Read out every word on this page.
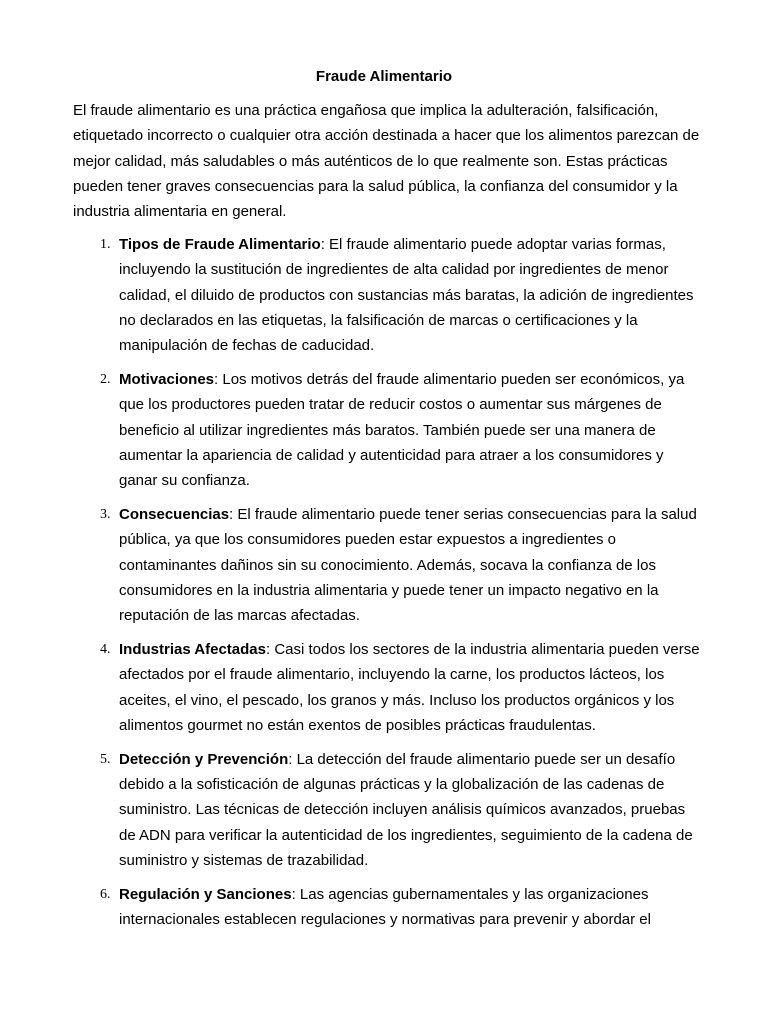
Fraude Alimentario

El fraude alimentario es una práctica engañosa que implica la adulteración, falsificación, etiquetado incorrecto o cualquier otra acción destinada a hacer que los alimentos parezcan de mejor calidad, más saludables o más auténticos de lo que realmente son. Estas prácticas pueden tener graves consecuencias para la salud pública, la confianza del consumidor y la industria alimentaria en general.

1. Tipos de Fraude Alimentario: El fraude alimentario puede adoptar varias formas, incluyendo la sustitución de ingredientes de alta calidad por ingredientes de menor calidad, el diluido de productos con sustancias más baratas, la adición de ingredientes no declarados en las etiquetas, la falsificación de marcas o certificaciones y la manipulación de fechas de caducidad.
2. Motivaciones: Los motivos detrás del fraude alimentario pueden ser económicos, ya que los productores pueden tratar de reducir costos o aumentar sus márgenes de beneficio al utilizar ingredientes más baratos. También puede ser una manera de aumentar la apariencia de calidad y autenticidad para atraer a los consumidores y ganar su confianza.
3. Consecuencias: El fraude alimentario puede tener serias consecuencias para la salud pública, ya que los consumidores pueden estar expuestos a ingredientes o contaminantes dañinos sin su conocimiento. Además, socava la confianza de los consumidores en la industria alimentaria y puede tener un impacto negativo en la reputación de las marcas afectadas.
4. Industrias Afectadas: Casi todos los sectores de la industria alimentaria pueden verse afectados por el fraude alimentario, incluyendo la carne, los productos lácteos, los aceites, el vino, el pescado, los granos y más. Incluso los productos orgánicos y los alimentos gourmet no están exentos de posibles prácticas fraudulentas.
5. Detección y Prevención: La detección del fraude alimentario puede ser un desafío debido a la sofisticación de algunas prácticas y la globalización de las cadenas de suministro. Las técnicas de detección incluyen análisis químicos avanzados, pruebas de ADN para verificar la autenticidad de los ingredientes, seguimiento de la cadena de suministro y sistemas de trazabilidad.
6. Regulación y Sanciones: Las agencias gubernamentales y las organizaciones internacionales establecen regulaciones y normativas para prevenir y abordar el
